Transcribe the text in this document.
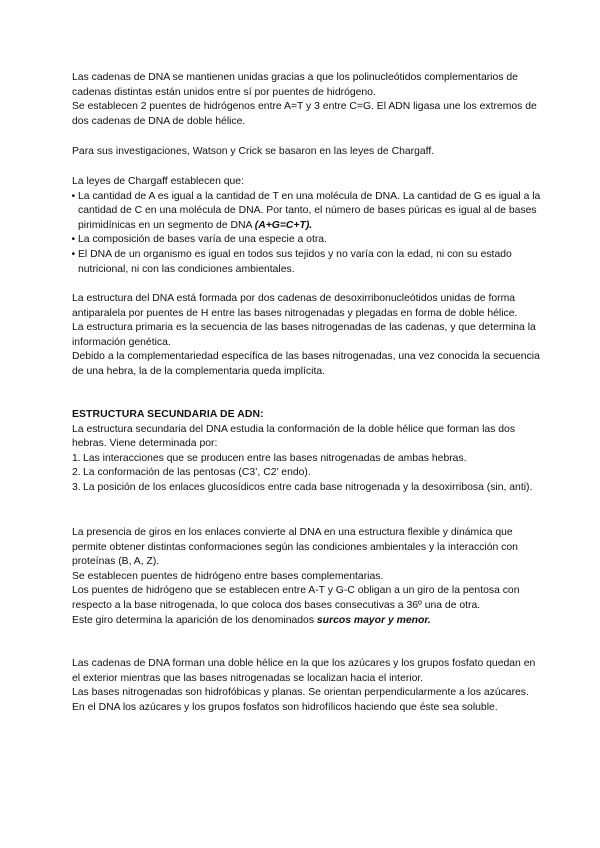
Las cadenas de DNA se mantienen unidas gracias a que los polinucleótidos complementarios de cadenas distintas están unidos entre sí por puentes de hidrógeno.

Se establecen 2 puentes de hidrógenos entre A=T y 3 entre C=G. El ADN ligasa une los extremos de dos cadenas de DNA de doble hélice.

Para sus investigaciones, Watson y Crick se basaron en las leyes de Chargaff.

La leyes de Chargaff establecen que:

• La cantidad de A es igual a la cantidad de T en una molécula de DNA. La cantidad de G es igual a la cantidad de C en una molécula de DNA. Por tanto, el número de bases púricas es igual al de bases pirimidínicas en un segmento de DNA (A+G=C+T).
• La composición de bases varía de una especie a otra.
• El DNA de un organismo es igual en todos sus tejidos y no varía con la edad, ni con su estado nutricional, ni con las condiciones ambientales.

La estructura del DNA está formada por dos cadenas de desoxirribonucleótidos unidas de forma antiparalela por puentes de H entre las bases nitrogenadas y plegadas en forma de doble hélice.

La estructura primaria es la secuencia de las bases nitrogenadas de las cadenas, y que determina la información genética.

Debido a la complementariedad específica de las bases nitrogenadas, una vez conocida la secuencia de una hebra, la de la complementaria queda implícita.

ESTRUCTURA SECUNDARIA DE ADN:

La estructura secundaria del DNA estudia la conformación de la doble hélice que forman las dos hebras. Viene determinada por:

1. Las interacciones que se producen entre las bases nitrogenadas de ambas hebras.
2. La conformación de las pentosas (C3’, C2’ endo).
3. La posición de los enlaces glucosídicos entre cada base nitrogenada y la desoxirribosa (sin, anti).

La presencia de giros en los enlaces convierte al DNA en una estructura flexible y dinámica que permite obtener distintas conformaciones según las condiciones ambientales y la interacción con proteínas (B, A, Z).

Se establecen puentes de hidrógeno entre bases complementarias.

Los puentes de hidrógeno que se establecen entre A-T y G-C obligan a un giro de la pentosa con respecto a la base nitrogenada, lo que coloca dos bases consecutivas a 36º una de otra.

Este giro determina la aparición de los denominados surcos mayor y menor.

Las cadenas de DNA forman una doble hélice en la que los azúcares y los grupos fosfato quedan en el exterior mientras que las bases nitrogenadas se localizan hacia el interior.

Las bases nitrogenadas son hidrofóbicas y planas. Se orientan perpendicularmente a los azúcares.

En el DNA los azúcares y los grupos fosfatos son hidrofílicos haciendo que éste sea soluble.
